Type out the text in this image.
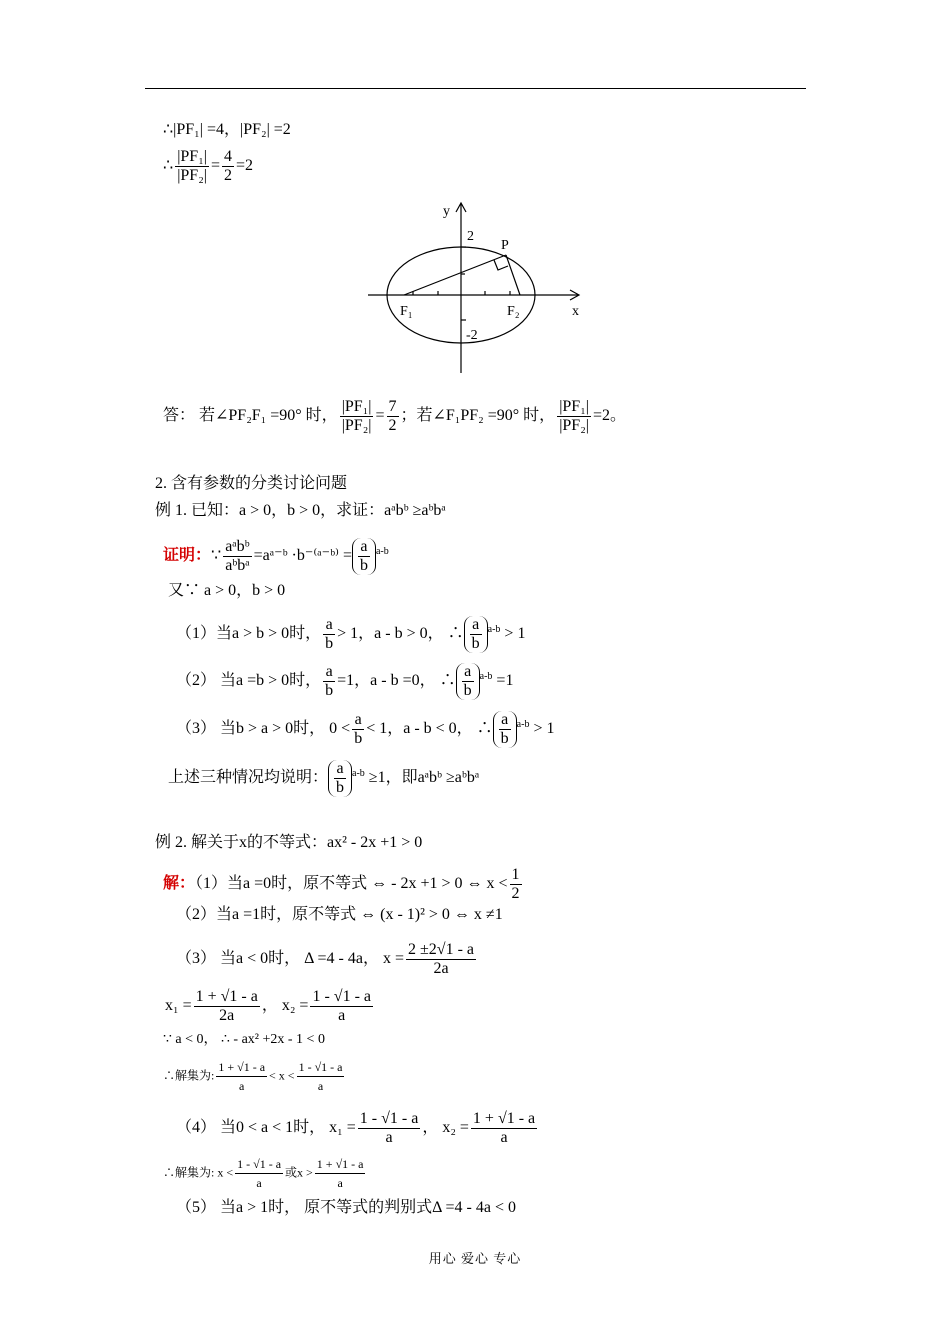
∴|PF₁| =4，|PF₂| =2
∴ $\frac{\text{|PF₁|}}{\text{|PF₂|}} = \frac{4}{2} =2$
y
x
2
-2
P
F₁	F₂
答： 若∠PF₂F₁ =90° 时， $\frac{\text{|PF₁|}}{\text{|PF₂|}} = \frac{7}{2}$ ；若∠F₁PF₂ =90° 时， $\frac{\text{|PF₁|}}{\text{|PF₂|}} =2$。
2. 含有参数的分类讨论问题
例 1. 已知：a > 0，b > 0，求证：aᵃbᵇ ≥aᵇbᵃ
证明：∵
aᵃbᵇ
aᵇbᵃ
=aᵃ⁻ᵇ ·b⁻⁽ᵃ⁻ᵇ⁾ = $\frac{a}{b} ^{a-b}$
又∵ a > 0，b > 0
（1）当a > b > 0时， $\frac{a}{b} > 1$，a - b > 0， ∴ $\frac{a}{b} ^{a-b} > 1$
（2） 当a =b > 0时， $\frac{a}{b} =1$，a - b =0， ∴ $\frac{a}{b} ^{a-b} =1$
（3） 当b > a > 0时， $0 < \frac{a}{b} < 1$，a - b < 0， ∴ $\frac{a}{b} ^{a-b} > 1$
上述三种情况均说明： $\frac{a}{b} ^{a-b} \ge 1$，即aᵃbᵇ ≥aᵇbᵃ
例 2. 解关于x的不等式：ax² - 2x +1 > 0
解：（1）当a =0时，原不等式 ⇔ - 2x +1 > 0 ⇔ $x < \frac{1}{2}$
（2）当a =1时，原不等式 ⇔ (x - 1)² > 0 ⇔ x ≠1
（3） 当a < 0时， Δ =4 - 4a， $x = \frac{2 \pm 2√1 - a}{2a}$
$x_1 = \frac{1 + √1 - a}{2a}$ ， $x_2 = \frac{1 - √1 - a}{a}$
∵ a < 0， ∴ - ax² +2x - 1 < 0
∴解集为: $\frac{1 + √1 - a}{a} < x < \frac{1 - √1 - a}{a}$
（4） 当0 < a < 1时， $x_1 = \frac{1 - √1 - a}{a}$ ， $x_2 = \frac{1 + √1 - a}{a}$
∴解集为: $x < \frac{1 - √1 - a}{a}$ 或$x > \frac{1 + √1 - a}{a}$
（5） 当a > 1时， 原不等式的判别式Δ =4 - 4a < 0
用心 爱心 专心
